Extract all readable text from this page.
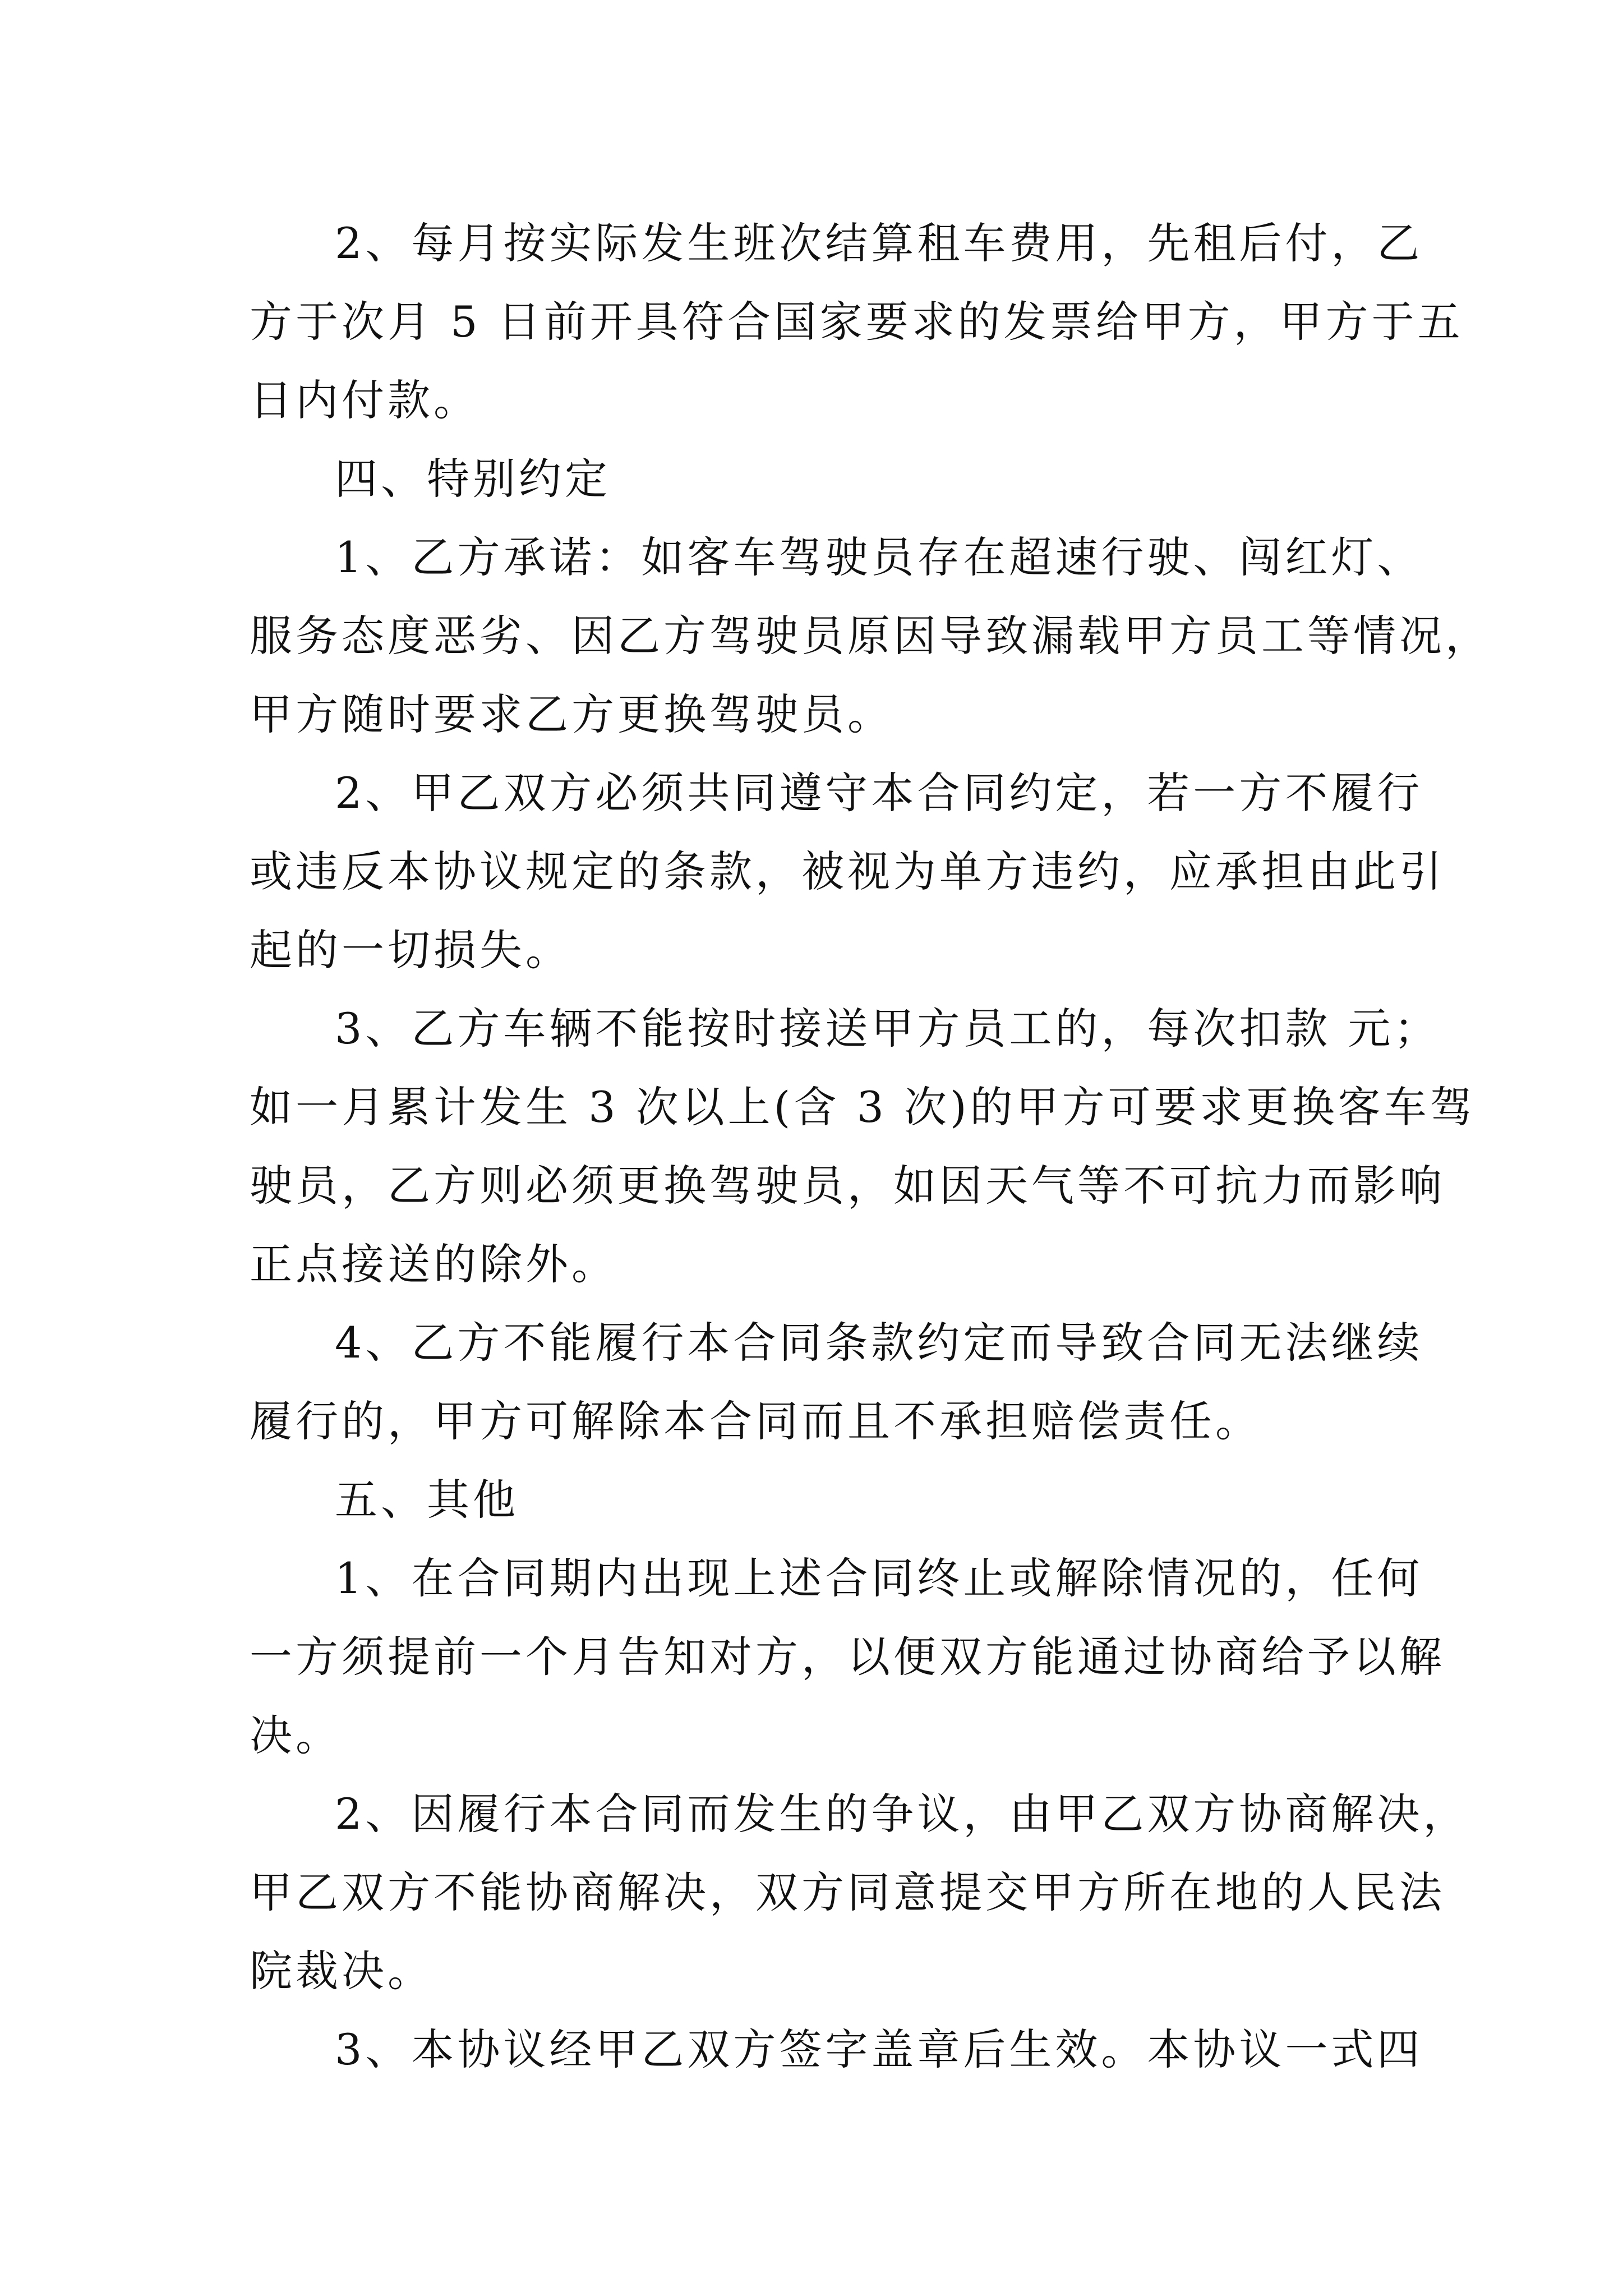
2、每月按实际发生班次结算租车费用，先租后付，乙
方于次月 5 日前开具符合国家要求的发票给甲方，甲方于五
日内付款。
四、特别约定
1、乙方承诺：如客车驾驶员存在超速行驶、闯红灯、
服务态度恶劣、因乙方驾驶员原因导致漏载甲方员工等情况，
甲方随时要求乙方更换驾驶员。
2、甲乙双方必须共同遵守本合同约定，若一方不履行
或违反本协议规定的条款，被视为单方违约，应承担由此引
起的一切损失。
3、乙方车辆不能按时接送甲方员工的，每次扣款 元；
如一月累计发生 3 次以上(含 3 次)的甲方可要求更换客车驾
驶员，乙方则必须更换驾驶员，如因天气等不可抗力而影响
正点接送的除外。
4、乙方不能履行本合同条款约定而导致合同无法继续
履行的，甲方可解除本合同而且不承担赔偿责任。
五、其他
1、在合同期内出现上述合同终止或解除情况的，任何
一方须提前一个月告知对方，以便双方能通过协商给予以解
决。
2、因履行本合同而发生的争议，由甲乙双方协商解决，
甲乙双方不能协商解决，双方同意提交甲方所在地的人民法
院裁决。
3、本协议经甲乙双方签字盖章后生效。本协议一式四
